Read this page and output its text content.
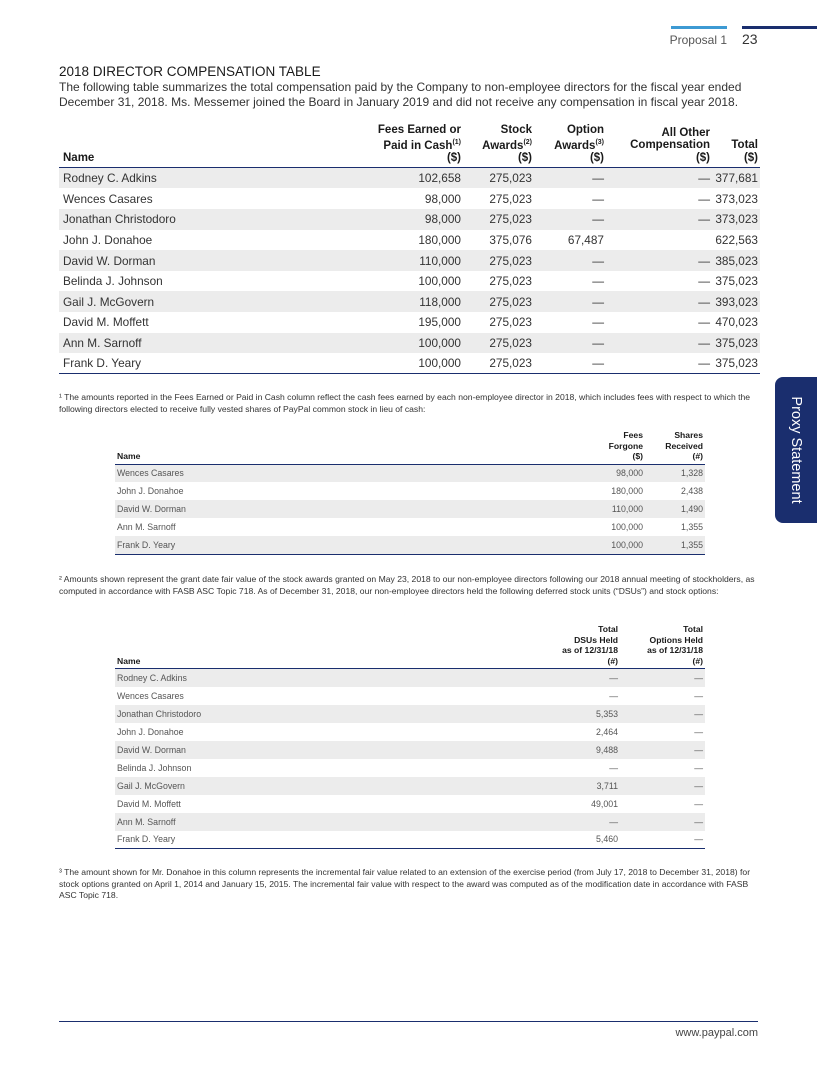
Proposal 1 23
2018 DIRECTOR COMPENSATION TABLE
The following table summarizes the total compensation paid by the Company to non-employee directors for the fiscal year ended December 31, 2018. Ms. Messemer joined the Board in January 2019 and did not receive any compensation in fiscal year 2018.
Name	Fees Earned or
Paid in Cash$^{(1)}$
($)	Stock
Awards$^{(2)}$
($)	Option
Awards$^{(3)}$
($)	All Other
Compensation
($)	Total
($)
Rodney C. Adkins	102,658	275,023	—	—	377,681
Wences Casares	98,000	275,023	—	—	373,023
Jonathan Christodoro	98,000	275,023	—	—	373,023
John J. Donahoe	180,000	375,076	67,487		622,563
David W. Dorman	110,000	275,023	—	—	385,023
Belinda J. Johnson	100,000	275,023	—	—	375,023
Gail J. McGovern	118,000	275,023	—	—	393,023
David M. Moffett	195,000	275,023	—	—	470,023
Ann M. Sarnoff	100,000	275,023	—	—	375,023
Frank D. Yeary	100,000	275,023	—	—	375,023
¹ The amounts reported in the Fees Earned or Paid in Cash column reflect the cash fees earned by each non-employee director in 2018, which includes fees with respect to which the following directors elected to receive fully vested shares of PayPal common stock in lieu of cash:
Name	Fees
Forgone
($)	Shares
Received
(#)
Wences Casares	98,000	1,328
John J. Donahoe	180,000	2,438
David W. Dorman	110,000	1,490
Ann M. Sarnoff	100,000	1,355
Frank D. Yeary	100,000	1,355
² Amounts shown represent the grant date fair value of the stock awards granted on May 23, 2018 to our non-employee directors following our 2018 annual meeting of stockholders, as computed in accordance with FASB ASC Topic 718. As of December 31, 2018, our non-employee directors held the following deferred stock units (“DSUs”) and stock options:
Name	Total
DSUs Held
as of 12/31/18
(#)	Total
Options Held
as of 12/31/18
(#)
Rodney C. Adkins	—	—
Wences Casares	—	—
Jonathan Christodoro	5,353	—
John J. Donahoe	2,464	—
David W. Dorman	9,488	—
Belinda J. Johnson	—	—
Gail J. McGovern	3,711	—
David M. Moffett	49,001	—
Ann M. Sarnoff	—	—
Frank D. Yeary	5,460	—
³ The amount shown for Mr. Donahoe in this column represents the incremental fair value related to an extension of the exercise period (from July 17, 2018 to December 31, 2018) for stock options granted on April 1, 2014 and January 15, 2015. The incremental fair value with respect to the award was computed as of the modification date in accordance with FASB ASC Topic 718.
Proxy Statement
www.paypal.com
